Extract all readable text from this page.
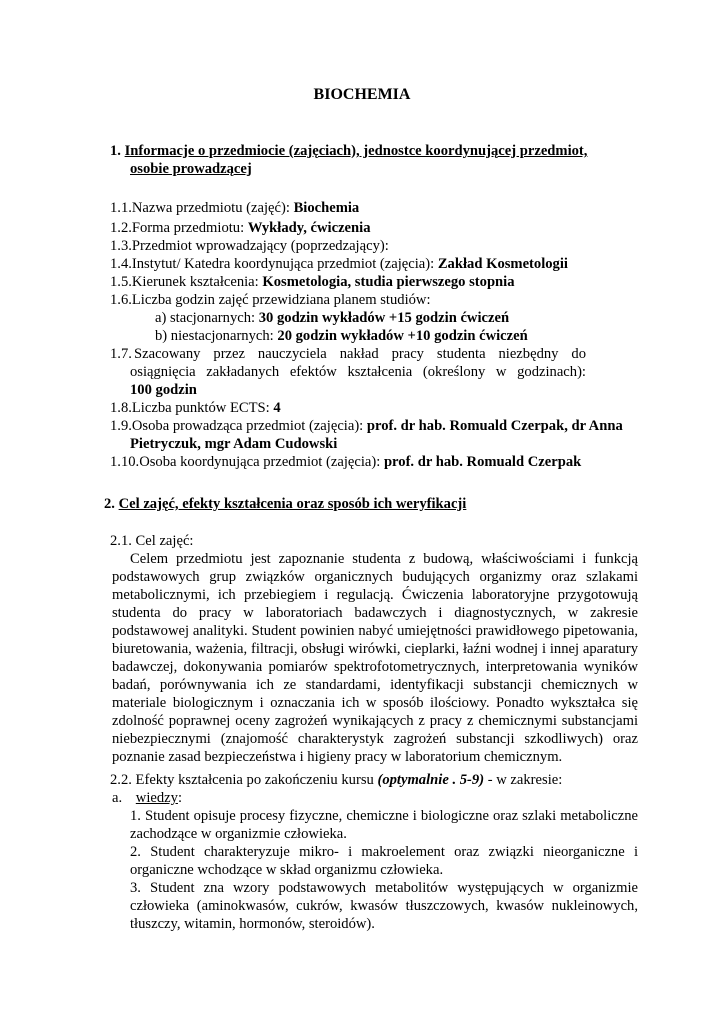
BIOCHEMIA
1. Informacje o przedmiocie (zajęciach), jednostce koordynującej przedmiot,
osobie prowadzącej
1.1.Nazwa przedmiotu (zajęć): Biochemia
1.2.Forma przedmiotu: Wykłady, ćwiczenia
1.3.Przedmiot wprowadzający (poprzedzający):
1.4.Instytut/ Katedra koordynująca przedmiot (zajęcia): Zakład Kosmetologii
1.5.Kierunek kształcenia: Kosmetologia, studia pierwszego stopnia
1.6.Liczba godzin zajęć przewidziana planem studiów:
a) stacjonarnych: 30 godzin wykładów +15 godzin ćwiczeń
b) niestacjonarnych: 20 godzin wykładów +10 godzin ćwiczeń
1.7. Szacowany przez nauczyciela nakład pracy studenta niezbędny do
osiągnięcia zakładanych efektów kształcenia (określony w godzinach):
100 godzin
1.8.Liczba punktów ECTS: 4
1.9.Osoba prowadząca przedmiot (zajęcia): prof. dr hab. Romuald Czerpak, dr Anna
Pietryczuk, mgr Adam Cudowski
1.10.Osoba koordynująca przedmiot (zajęcia): prof. dr hab. Romuald Czerpak
2. Cel zajęć, efekty kształcenia oraz sposób ich weryfikacji
2.1. Cel zajęć:
Celem przedmiotu jest zapoznanie studenta z budową, właściwościami i funkcją podstawowych grup związków organicznych budujących organizmy oraz szlakami metabolicznymi, ich przebiegiem i regulacją. Ćwiczenia laboratoryjne przygotowują studenta do pracy w laboratoriach badawczych i diagnostycznych, w zakresie podstawowej analityki. Student powinien nabyć umiejętności prawidłowego pipetowania, biuretowania, ważenia, filtracji, obsługi wirówki, cieplarki, łaźni wodnej i innej aparatury badawczej, dokonywania pomiarów spektrofotometrycznych, interpretowania wyników badań, porównywania ich ze standardami, identyfikacji substancji chemicznych w materiale biologicznym i oznaczania ich w sposób ilościowy. Ponadto wykształca się zdolność poprawnej oceny zagrożeń wynikających z pracy z chemicznymi substancjami niebezpiecznymi (znajomość charakterystyk zagrożeń substancji szkodliwych) oraz poznanie zasad bezpieczeństwa i higieny pracy w laboratorium chemicznym.
2.2. Efekty kształcenia po zakończeniu kursu (optymalnie . 5-9) - w zakresie:
a. wiedzy:
1. Student opisuje procesy fizyczne, chemiczne i biologiczne oraz szlaki metaboliczne zachodzące w organizmie człowieka.
2. Student charakteryzuje mikro- i makroelement oraz związki nieorganiczne i organiczne wchodzące w skład organizmu człowieka.
3. Student zna wzory podstawowych metabolitów występujących w organizmie człowieka (aminokwasów, cukrów, kwasów tłuszczowych, kwasów nukleinowych, tłuszczy, witamin, hormonów, steroidów).
